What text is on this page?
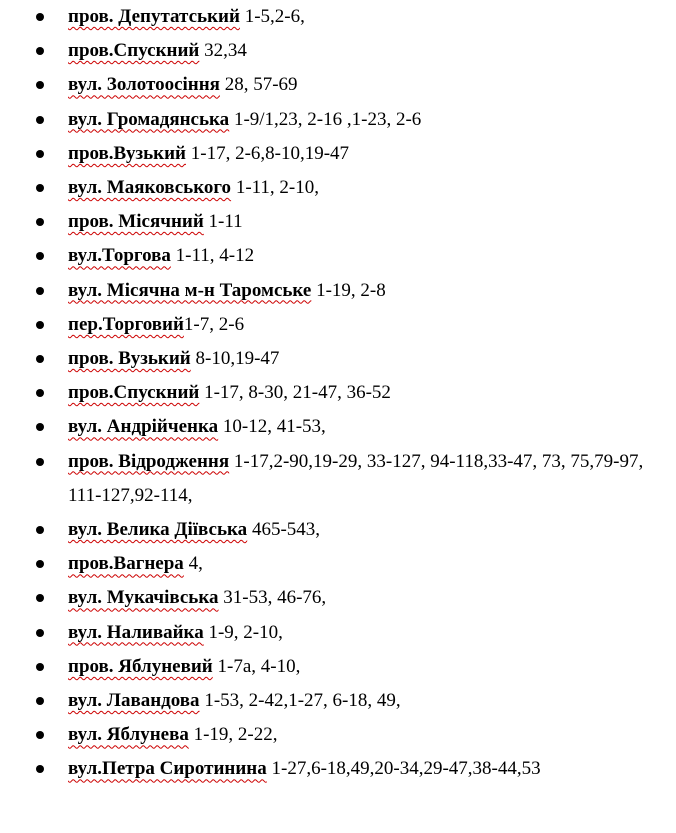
пров. Депутатський 1-5,2-6,
пров.Спускний 32,34
вул. Золотоосіння 28, 57-69
вул. Громадянська 1-9/1,23, 2-16 ,1-23, 2-6
пров.Вузький 1-17, 2-6,8-10,19-47
вул. Маяковського 1-11, 2-10,
пров. Місячний 1-11
вул.Торгова 1-11, 4-12
вул. Місячна м-н Таромське 1-19, 2-8
пер.Торговий1-7, 2-6
пров. Вузький 8-10,19-47
пров.Спускний 1-17, 8-30, 21-47, 36-52
вул. Андрійченка 10-12, 41-53,
пров. Відродження 1-17,2-90,19-29, 33-127, 94-118,33-47, 73, 75,79-97, 111-127,92-114,
вул. Велика Діївська 465-543,
пров.Вагнера 4,
вул. Мукачівська 31-53, 46-76,
вул. Наливайка 1-9, 2-10,
пров. Яблуневий 1-7а, 4-10,
вул. Лавандова 1-53, 2-42,1-27, 6-18, 49,
вул. Яблунева 1-19, 2-22,
вул.Петра Сиротинина 1-27,6-18,49,20-34,29-47,38-44,53
